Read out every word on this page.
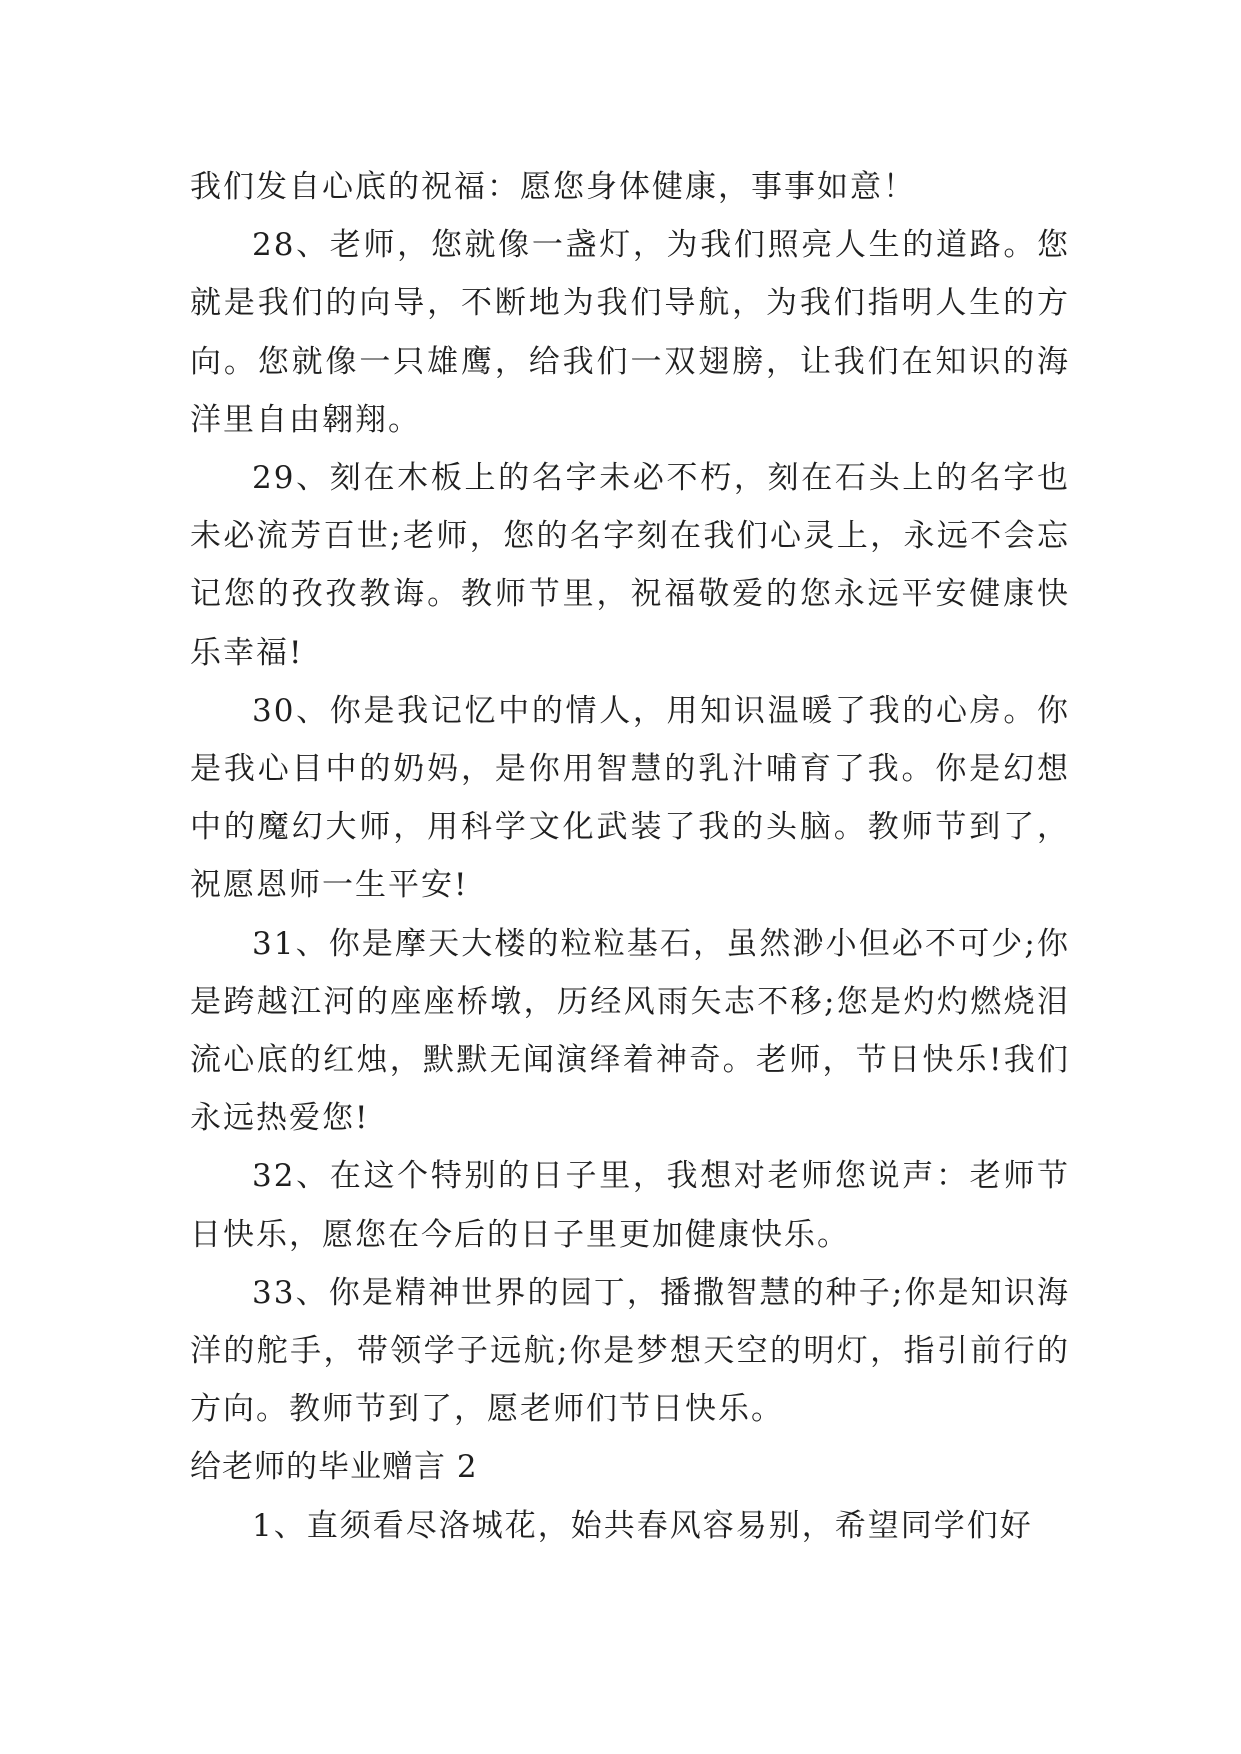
我们发自心底的祝福：愿您身体健康，事事如意！

28、老师，您就像一盏灯，为我们照亮人生的道路。您就是我们的向导，不断地为我们导航，为我们指明人生的方向。您就像一只雄鹰，给我们一双翅膀，让我们在知识的海洋里自由翱翔。

29、刻在木板上的名字未必不朽，刻在石头上的名字也未必流芳百世;老师，您的名字刻在我们心灵上，永远不会忘记您的孜孜教诲。教师节里，祝福敬爱的您永远平安健康快乐幸福!

30、你是我记忆中的情人，用知识温暖了我的心房。你是我心目中的奶妈，是你用智慧的乳汁哺育了我。你是幻想中的魔幻大师，用科学文化武装了我的头脑。教师节到了，祝愿恩师一生平安!

31、你是摩天大楼的粒粒基石，虽然渺小但必不可少;你是跨越江河的座座桥墩，历经风雨矢志不移;您是灼灼燃烧泪流心底的红烛，默默无闻演绎着神奇。老师，节日快乐!我们永远热爱您!

32、在这个特别的日子里，我想对老师您说声：老师节日快乐，愿您在今后的日子里更加健康快乐。

33、你是精神世界的园丁，播撒智慧的种子;你是知识海洋的舵手，带领学子远航;你是梦想天空的明灯，指引前行的方向。教师节到了，愿老师们节日快乐。

给老师的毕业赠言 2

1、直须看尽洛城花，始共春风容易别，希望同学们好
